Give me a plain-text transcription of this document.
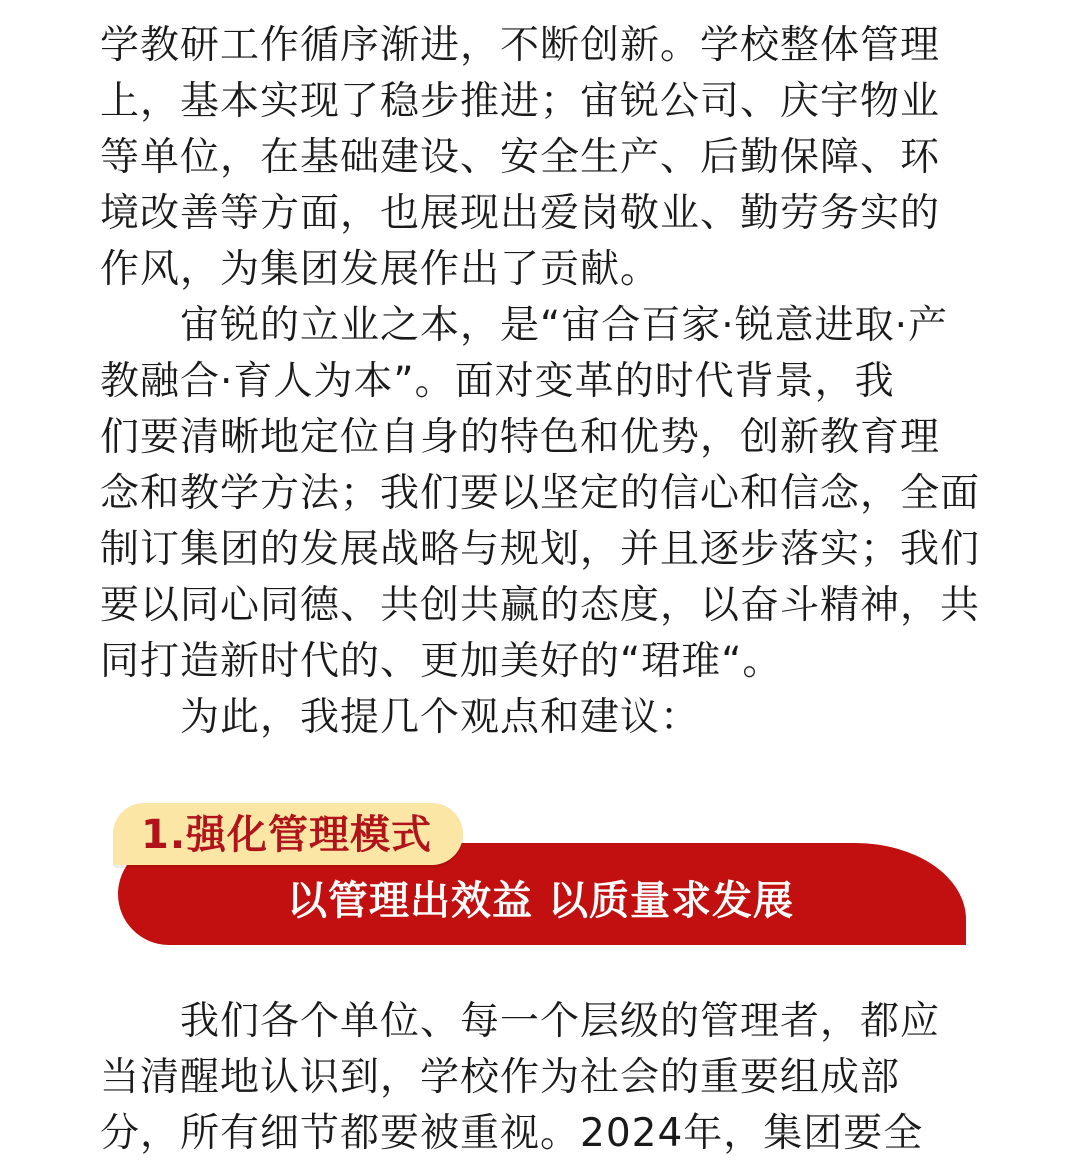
学教研工作循序渐进，不断创新。学校整体管理

上，基本实现了稳步推进；宙锐公司、庆宇物业

等单位，在基础建设、安全生产、后勤保障、环

境改善等方面，也展现出爱岗敬业、勤劳务实的

作风，为集团发展作出了贡献。

宙锐的立业之本，是“宙合百家·锐意进取·产

教融合·育人为本”。面对变革的时代背景，我

们要清晰地定位自身的特色和优势，创新教育理

念和教学方法；我们要以坚定的信心和信念，全面

制订集团的发展战略与规划，并且逐步落实；我们

要以同心同德、共创共赢的态度，以奋斗精神，共

同打造新时代的、更加美好的“珺琟“。

为此，我提几个观点和建议：

以管理出效益 以质量求发展
1.强化管理模式

我们各个单位、每一个层级的管理者，都应

当清醒地认识到，学校作为社会的重要组成部

分，所有细节都要被重视。2024年，集团要全
